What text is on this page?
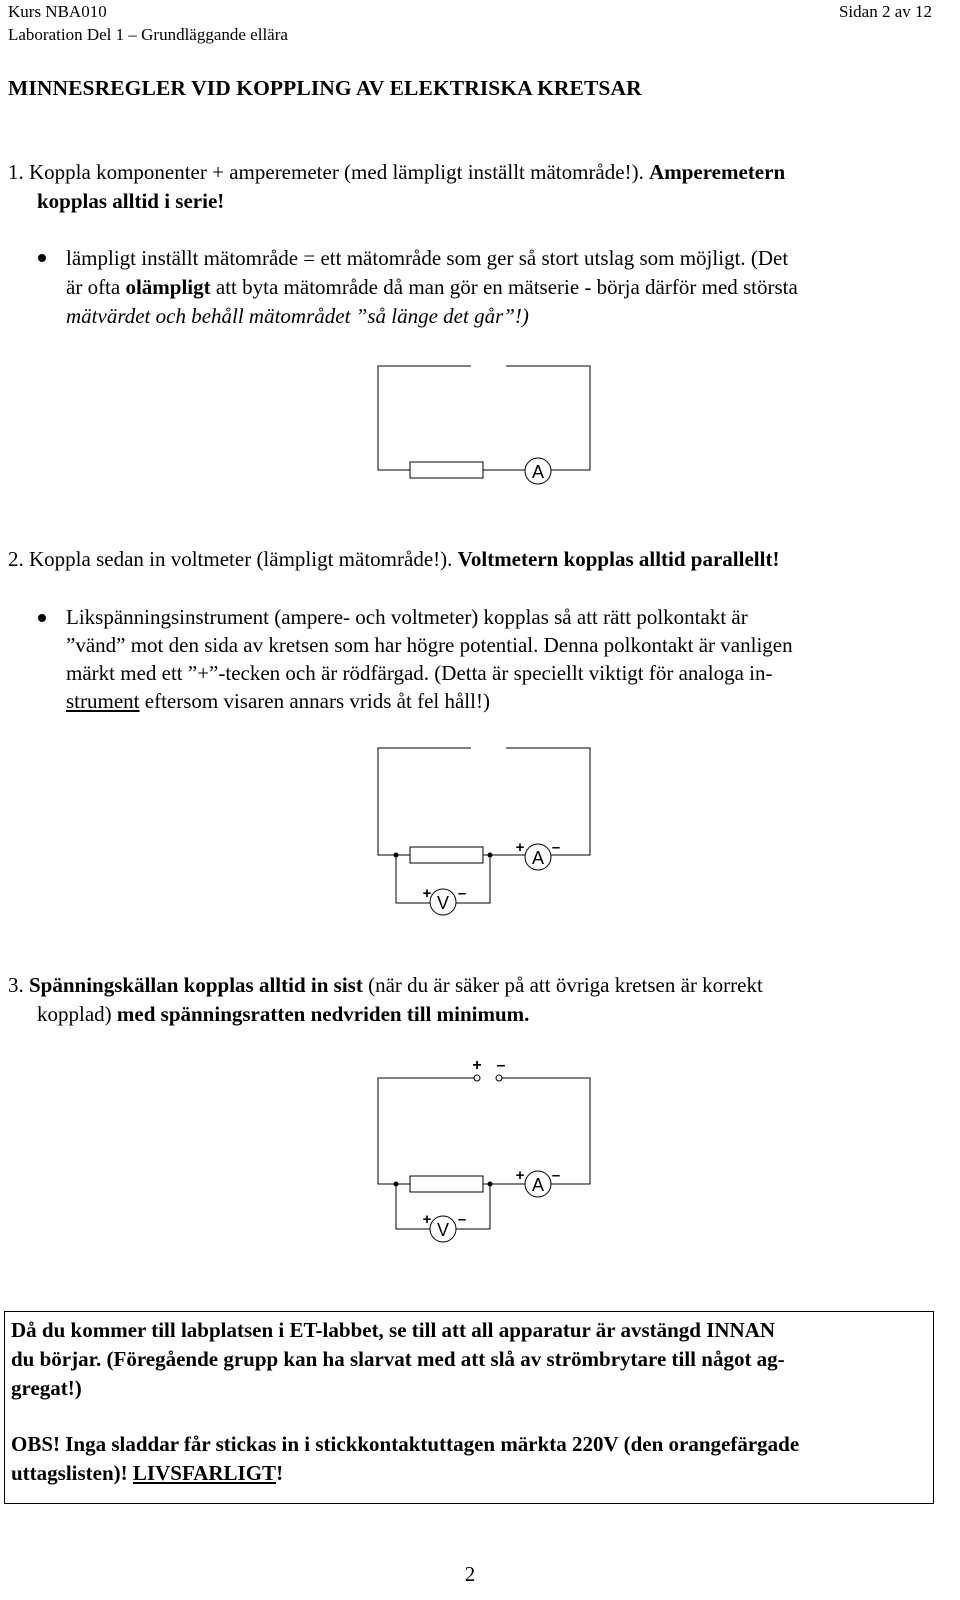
Kurs NBA010	Sidan 2 av 12
Laboration Del 1 – Grundläggande ellära
MINNESREGLER VID KOPPLING AV ELEKTRISKA KRETSAR
1. Koppla komponenter + amperemeter (med lämpligt inställt mätområde!). Amperemetern
kopplas alltid i serie!
lämpligt inställt mätområde = ett mätområde som ger så stort utslag som möjligt. (Det
är ofta olämpligt att byta mätområde då man gör en mätserie - börja därför med största
mätvärdet och behåll mätområdet ”så länge det går”!)
A
2. Koppla sedan in voltmeter (lämpligt mätområde!). Voltmetern kopplas alltid parallellt!
Likspänningsinstrument (ampere- och voltmeter) kopplas så att rätt polkontakt är
”vänd” mot den sida av kretsen som har högre potential. Denna polkontakt är vanligen
märkt med ett ”+”-tecken och är rödfärgad. (Detta är speciellt viktigt för analoga in-
strument eftersom visaren annars vrids åt fel håll!)
A
+ –
V
+ –
3. Spänningskällan kopplas alltid in sist (när du är säker på att övriga kretsen är korrekt
kopplad) med spänningsratten nedvriden till minimum.
+ –
A
+ –
V
+ –
Då du kommer till labplatsen i ET-labbet, se till att all apparatur är avstängd INNAN
du börjar. (Föregående grupp kan ha slarvat med att slå av strömbrytare till något ag-
gregat!)
OBS! Inga sladdar får stickas in i stickkontaktuttagen märkta 220V (den orangefärgade
uttagslisten)! LIVSFARLIGT!
2
